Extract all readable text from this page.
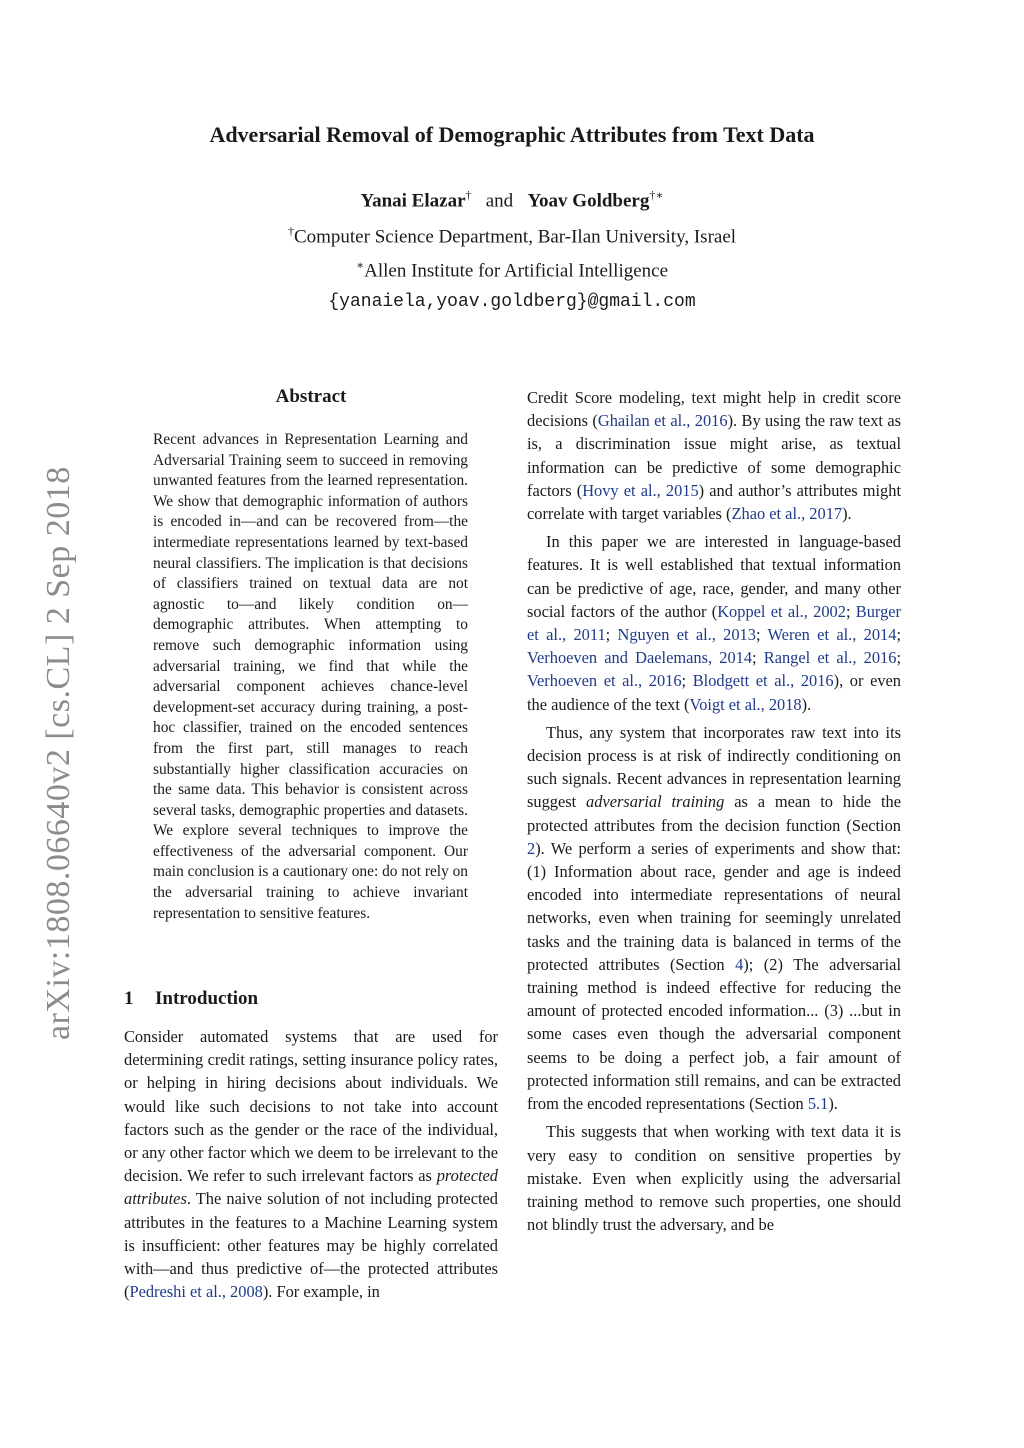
Adversarial Removal of Demographic Attributes from Text Data
Yanai Elazar† and Yoav Goldberg†∗
†Computer Science Department, Bar-Ilan University, Israel
∗Allen Institute for Artificial Intelligence
{yanaiela,yoav.goldberg}@gmail.com
arXiv:1808.06640v2 [cs.CL] 2 Sep 2018
Abstract
Recent advances in Representation Learning and Adversarial Training seem to succeed in removing unwanted features from the learned representation. We show that demographic information of authors is encoded in—and can be recovered from—the intermediate representations learned by text-based neural classifiers. The implication is that decisions of classifiers trained on textual data are not agnostic to—and likely condition on—demographic attributes. When attempting to remove such demographic information using adversarial training, we find that while the adversarial component achieves chance-level development-set accuracy during training, a post-hoc classifier, trained on the encoded sentences from the first part, still manages to reach substantially higher classification accuracies on the same data. This behavior is consistent across several tasks, demographic properties and datasets. We explore several techniques to improve the effectiveness of the adversarial component. Our main conclusion is a cautionary one: do not rely on the adversarial training to achieve invariant representation to sensitive features.
1 Introduction

Consider automated systems that are used for determining credit ratings, setting insurance policy rates, or helping in hiring decisions about individuals. We would like such decisions to not take into account factors such as the gender or the race of the individual, or any other factor which we deem to be irrelevant to the decision. We refer to such irrelevant factors as protected attributes. The naive solution of not including protected attributes in the features to a Machine Learning system is insufficient: other features may be highly correlated with—and thus predictive of—the protected attributes (Pedreshi et al., 2008). For example, in

Credit Score modeling, text might help in credit score decisions (Ghailan et al., 2016). By using the raw text as is, a discrimination issue might arise, as textual information can be predictive of some demographic factors (Hovy et al., 2015) and author’s attributes might correlate with target variables (Zhao et al., 2017).

In this paper we are interested in language-based features. It is well established that textual information can be predictive of age, race, gender, and many other social factors of the author (Koppel et al., 2002; Burger et al., 2011; Nguyen et al., 2013; Weren et al., 2014; Verhoeven and Daelemans, 2014; Rangel et al., 2016; Verhoeven et al., 2016; Blodgett et al., 2016), or even the audience of the text (Voigt et al., 2018).

Thus, any system that incorporates raw text into its decision process is at risk of indirectly conditioning on such signals. Recent advances in representation learning suggest adversarial training as a mean to hide the protected attributes from the decision function (Section 2). We perform a series of experiments and show that: (1) Information about race, gender and age is indeed encoded into intermediate representations of neural networks, even when training for seemingly unrelated tasks and the training data is balanced in terms of the protected attributes (Section 4); (2) The adversarial training method is indeed effective for reducing the amount of protected encoded information... (3) ...but in some cases even though the adversarial component seems to be doing a perfect job, a fair amount of protected information still remains, and can be extracted from the encoded representations (Section 5.1).

This suggests that when working with text data it is very easy to condition on sensitive properties by mistake. Even when explicitly using the adversarial training method to remove such properties, one should not blindly trust the adversary, and be
